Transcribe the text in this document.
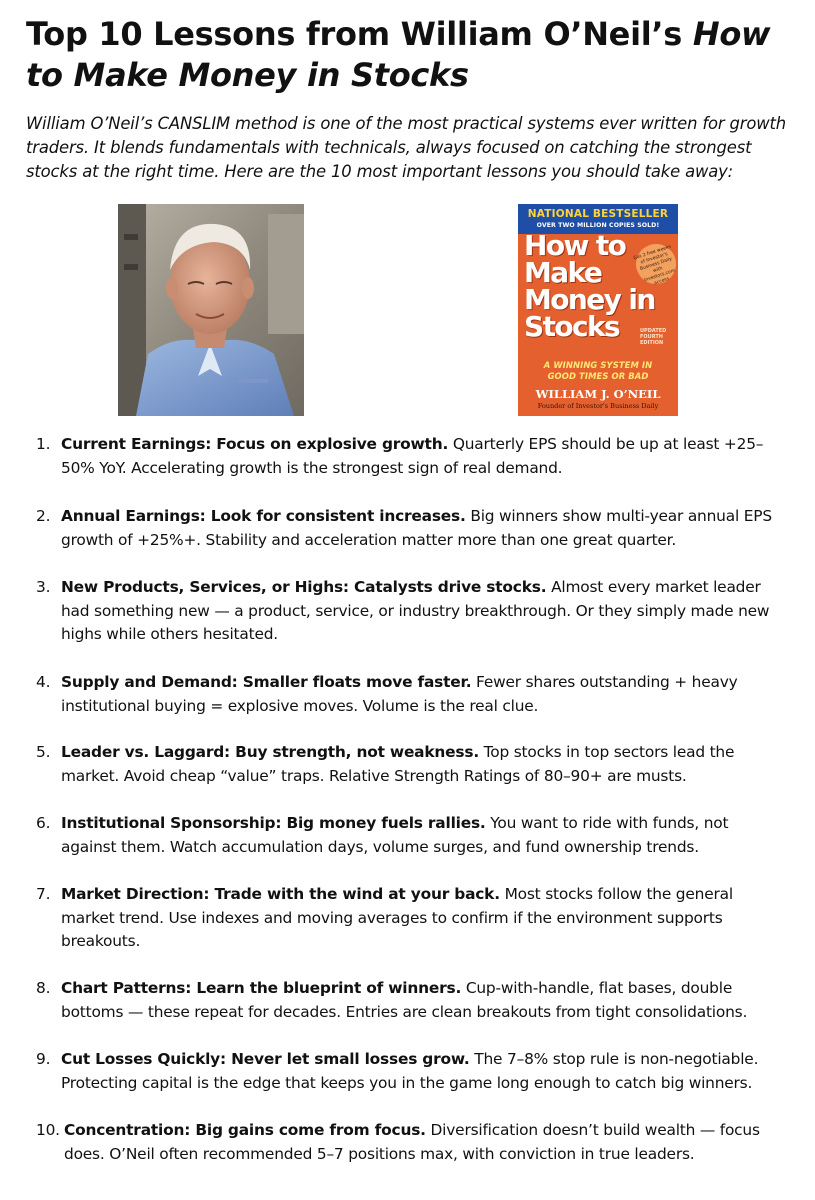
Top 10 Lessons from William O’Neil’s How to Make Money in Stocks

William O’Neil’s CANSLIM method is one of the most practical systems ever written for growth traders. It blends fundamentals with technicals, always focused on catching the strongest stocks at the right time. Here are the 10 most important lessons you should take away:

NATIONAL BESTSELLER
OVER TWO MILLION COPIES SOLD!
How to
Make
Money in
Stocks
Get 2 free weeks of Investor's Business Daily with investors.com access
UPDATED FOURTH EDITION
A WINNING SYSTEM IN
GOOD TIMES OR BAD
WILLIAM J. O’NEIL
Founder of Investor's Business Daily
1. Current Earnings: Focus on explosive growth. Quarterly EPS should be up at least +25–50% YoY. Accelerating growth is the strongest sign of real demand.
2. Annual Earnings: Look for consistent increases. Big winners show multi-year annual EPS growth of +25%+. Stability and acceleration matter more than one great quarter.
3. New Products, Services, or Highs: Catalysts drive stocks. Almost every market leader had something new — a product, service, or industry breakthrough. Or they simply made new highs while others hesitated.
4. Supply and Demand: Smaller floats move faster. Fewer shares outstanding + heavy institutional buying = explosive moves. Volume is the real clue.
5. Leader vs. Laggard: Buy strength, not weakness. Top stocks in top sectors lead the market. Avoid cheap “value” traps. Relative Strength Ratings of 80–90+ are musts.
6. Institutional Sponsorship: Big money fuels rallies. You want to ride with funds, not against them. Watch accumulation days, volume surges, and fund ownership trends.
7. Market Direction: Trade with the wind at your back. Most stocks follow the general market trend. Use indexes and moving averages to confirm if the environment supports breakouts.
8. Chart Patterns: Learn the blueprint of winners. Cup-with-handle, flat bases, double bottoms — these repeat for decades. Entries are clean breakouts from tight consolidations.
9. Cut Losses Quickly: Never let small losses grow. The 7–8% stop rule is non-negotiable. Protecting capital is the edge that keeps you in the game long enough to catch big winners.
10. Concentration: Big gains come from focus. Diversification doesn’t build wealth — focus does. O’Neil often recommended 5–7 positions max, with conviction in true leaders.
